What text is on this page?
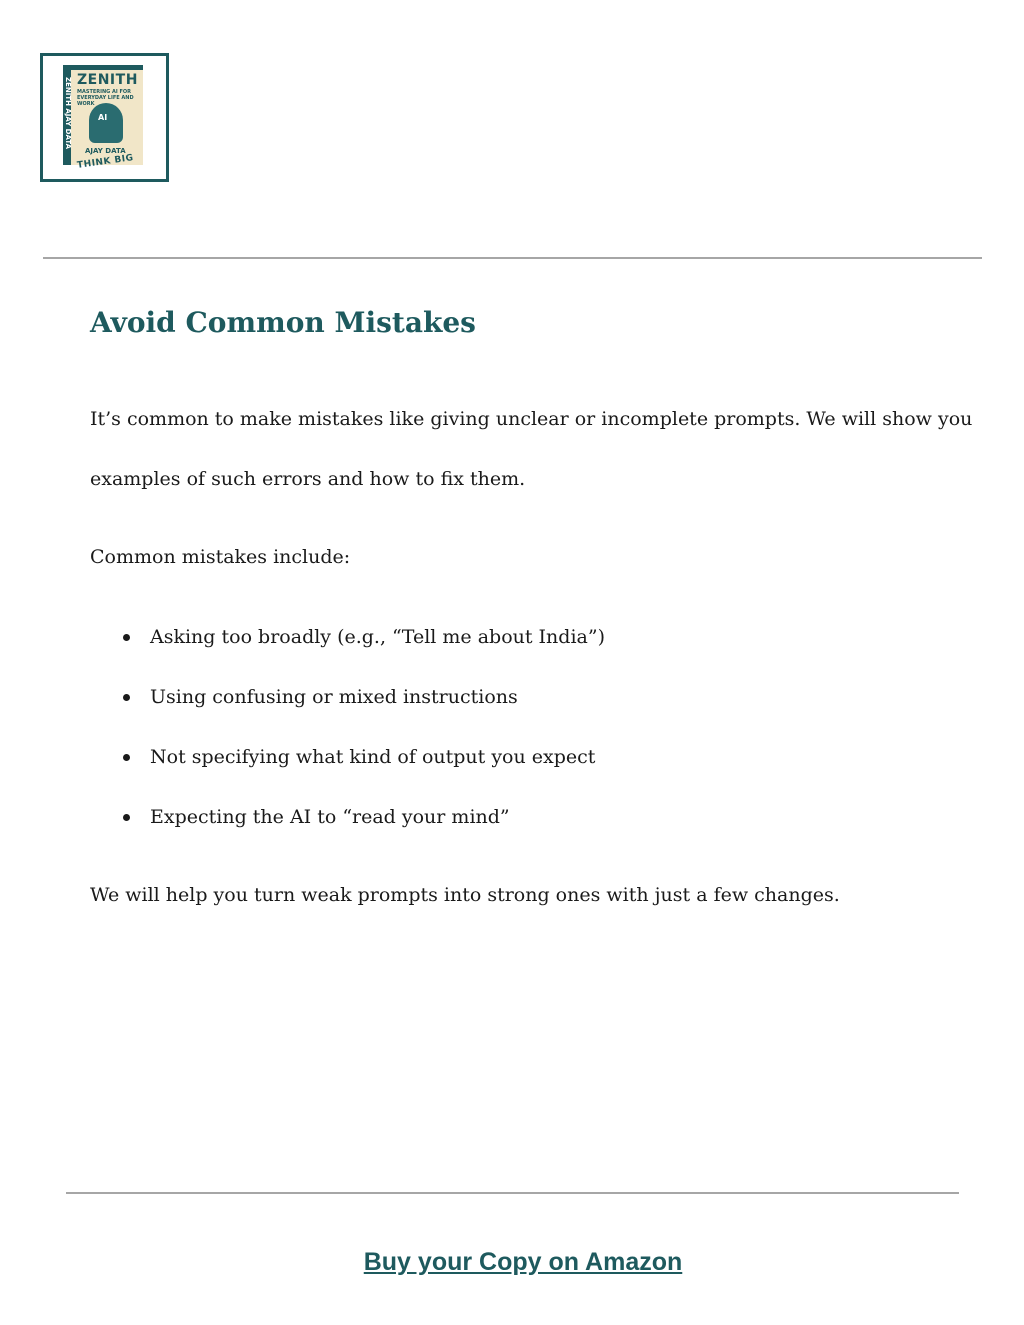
ZENITH AJAY DATA ZENITH
MASTERING AI FOR EVERYDAY LIFE AND WORK
AI
AJAY DATA
THINK BIG
Avoid Common Mistakes

It’s common to make mistakes like giving unclear or incomplete prompts. We will show you examples of such errors and how to fix them.

Common mistakes include:

Asking too broadly (e.g., “Tell me about India”)
Using confusing or mixed instructions
Not specifying what kind of output you expect
Expecting the AI to “read your mind”

We will help you turn weak prompts into strong ones with just a few changes.

Buy your Copy on Amazon
